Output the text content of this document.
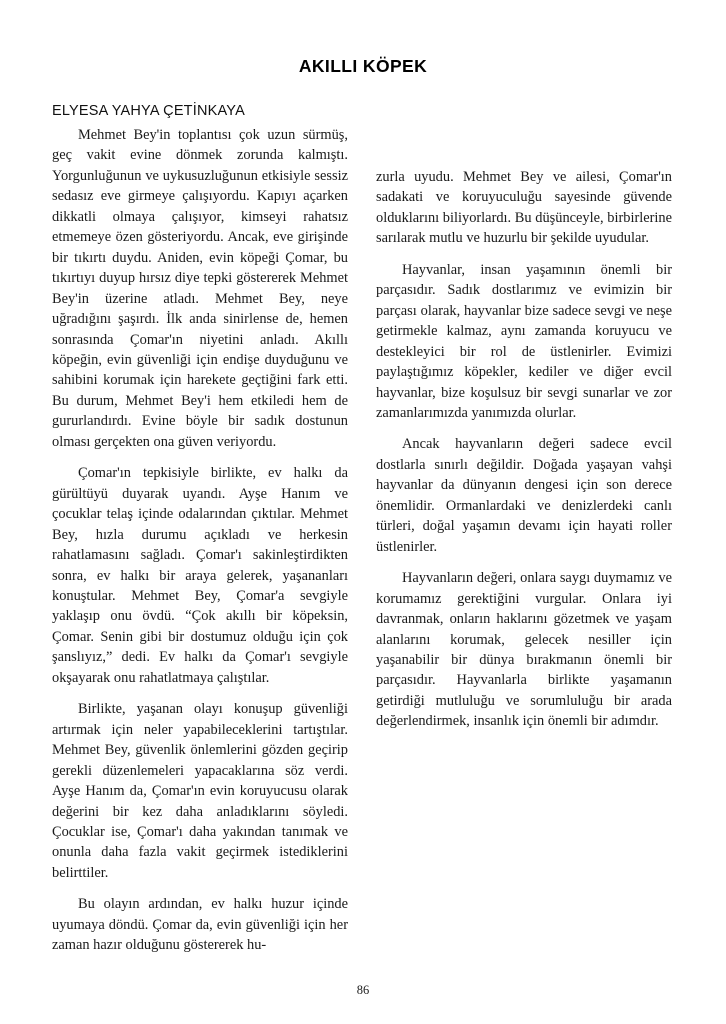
AKILLI KÖPEK
ELYESA YAHYA ÇETİNKAYA

Mehmet Bey'in toplantısı çok uzun sürmüş, geç vakit evine dönmek zorunda kalmıştı. Yorgunluğunun ve uykusuzluğunun etkisiyle sessiz sedasız eve girmeye çalışıyordu. Kapıyı açarken dikkatli olmaya çalışıyor, kimseyi rahatsız etmemeye özen gösteriyordu. Ancak, eve girişinde bir tıkırtı duydu. Aniden, evin köpeği Çomar, bu tıkırtıyı duyup hırsız diye tepki göstererek Mehmet Bey'in üzerine atladı. Mehmet Bey, neye uğradığını şaşırdı. İlk anda sinirlense de, hemen sonrasında Çomar'ın niyetini anladı. Akıllı köpeğin, evin güvenliği için endişe duyduğunu ve sahibini korumak için harekete geçtiğini fark etti. Bu durum, Mehmet Bey'i hem etkiledi hem de gururlandırdı. Evine böyle bir sadık dostunun olması gerçekten ona güven veriyordu.

Çomar'ın tepkisiyle birlikte, ev halkı da gürültüyü duyarak uyandı. Ayşe Hanım ve çocuklar telaş içinde odalarından çıktılar. Mehmet Bey, hızla durumu açıkladı ve herkesin rahatlamasını sağladı. Çomar'ı sakinleştirdikten sonra, ev halkı bir araya gelerek, yaşananları konuştular. Mehmet Bey, Çomar'a sevgiyle yaklaşıp onu övdü. “Çok akıllı bir köpeksin, Çomar. Senin gibi bir dostumuz olduğu için çok şanslıyız,” dedi. Ev halkı da Çomar'ı sevgiyle okşayarak onu rahatlatmaya çalıştılar.

Birlikte, yaşanan olayı konuşup güvenliği artırmak için neler yapabileceklerini tartıştılar. Mehmet Bey, güvenlik önlemlerini gözden geçirip gerekli düzenlemeleri yapacaklarına söz verdi. Ayşe Hanım da, Çomar'ın evin koruyucusu olarak değerini bir kez daha anladıklarını söyledi. Çocuklar ise, Çomar'ı daha yakından tanımak ve onunla daha fazla vakit geçirmek istediklerini belirttiler.

Bu olayın ardından, ev halkı huzur içinde uyumaya döndü. Çomar da, evin güvenliği için her zaman hazır olduğunu göstererek hu-

zurla uyudu. Mehmet Bey ve ailesi, Çomar'ın sadakati ve koruyuculuğu sayesinde güvende olduklarını biliyorlardı. Bu düşünceyle, birbirlerine sarılarak mutlu ve huzurlu bir şekilde uyudular.

Hayvanlar, insan yaşamının önemli bir parçasıdır. Sadık dostlarımız ve evimizin bir parçası olarak, hayvanlar bize sadece sevgi ve neşe getirmekle kalmaz, aynı zamanda koruyucu ve destekleyici bir rol de üstlenirler. Evimizi paylaştığımız köpekler, kediler ve diğer evcil hayvanlar, bize koşulsuz bir sevgi sunarlar ve zor zamanlarımızda yanımızda olurlar.

Ancak hayvanların değeri sadece evcil dostlarla sınırlı değildir. Doğada yaşayan vahşi hayvanlar da dünyanın dengesi için son derece önemlidir. Ormanlardaki ve denizlerdeki canlı türleri, doğal yaşamın devamı için hayati roller üstlenirler.

Hayvanların değeri, onlara saygı duymamız ve korumamız gerektiğini vurgular. Onlara iyi davranmak, onların haklarını gözetmek ve yaşam alanlarını korumak, gelecek nesiller için yaşanabilir bir dünya bırakmanın önemli bir parçasıdır. Hayvanlarla birlikte yaşamanın getirdiği mutluluğu ve sorumluluğu bir arada değerlendirmek, insanlık için önemli bir adımdır.

86
